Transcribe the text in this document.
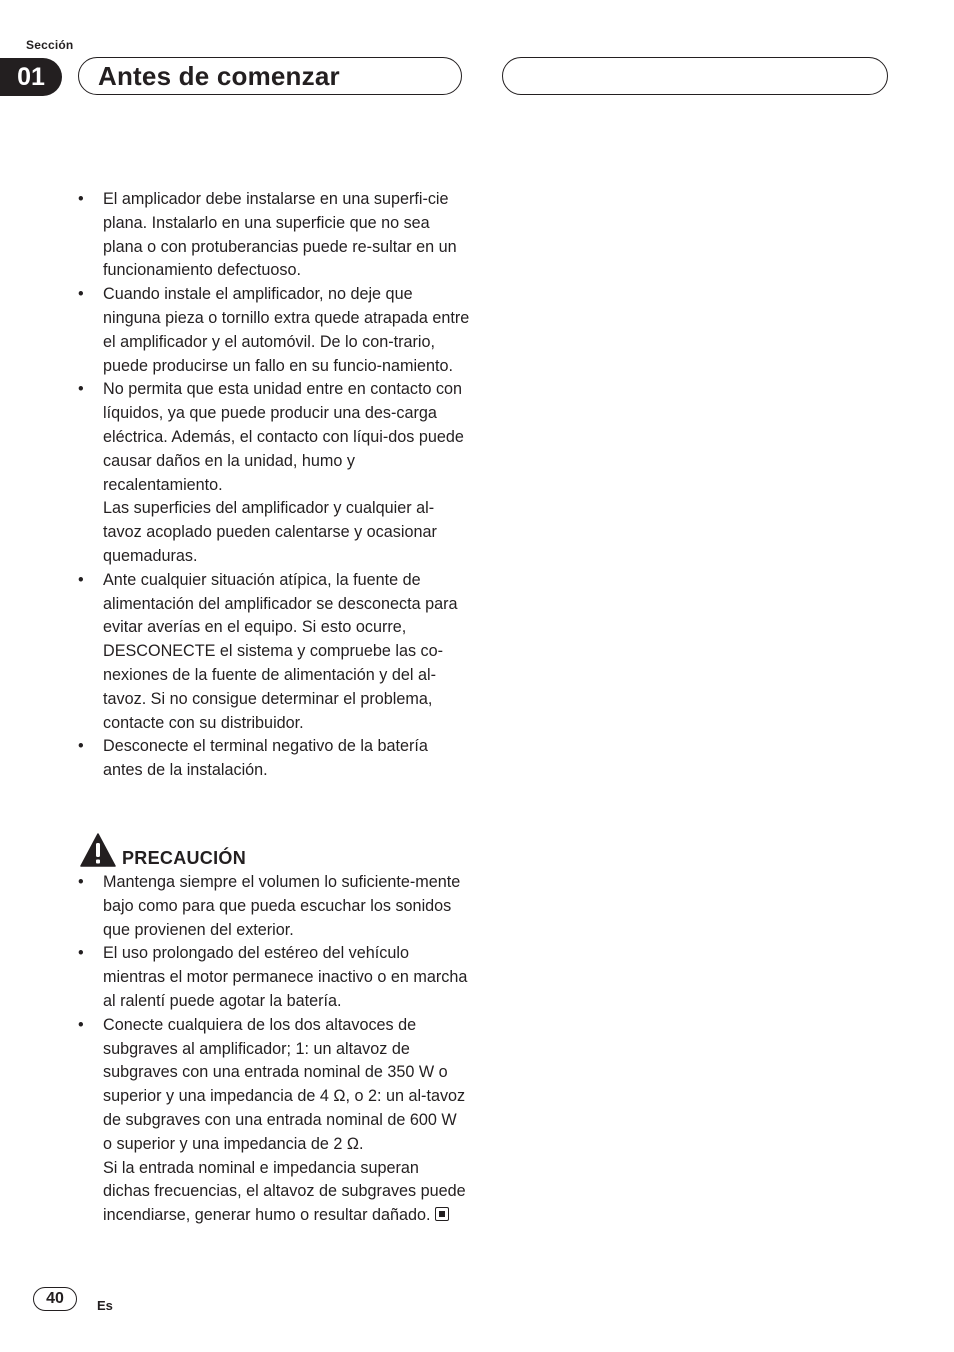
Sección
01	Antes de comenzar
• El amplicador debe instalarse en una superfi-cie plana. Instalarlo en una superficie que no sea plana o con protuberancias puede re-sultar en un funcionamiento defectuoso.
• Cuando instale el amplificador, no deje que ninguna pieza o tornillo extra quede atrapada entre el amplificador y el automóvil. De lo con-trario, puede producirse un fallo en su funcio-namiento.
• No permita que esta unidad entre en contacto con líquidos, ya que puede producir una des-carga eléctrica. Además, el contacto con líqui-dos puede causar daños en la unidad, humo y recalentamiento.
Las superficies del amplificador y cualquier al-tavoz acoplado pueden calentarse y ocasionar quemaduras.
• Ante cualquier situación atípica, la fuente de alimentación del amplificador se desconecta para evitar averías en el equipo. Si esto ocurre, DESCONECTE el sistema y compruebe las co-nexiones de la fuente de alimentación y del al-tavoz. Si no consigue determinar el problema, contacte con su distribuidor.
• Desconecte el terminal negativo de la batería antes de la instalación.
PRECAUCIÓN
• Mantenga siempre el volumen lo suficiente-mente bajo como para que pueda escuchar los sonidos que provienen del exterior.
• El uso prolongado del estéreo del vehículo mientras el motor permanece inactivo o en marcha al ralentí puede agotar la batería.
• Conecte cualquiera de los dos altavoces de subgraves al amplificador; 1: un altavoz de subgraves con una entrada nominal de 350 W o superior y una impedancia de 4 Ω, o 2: un al-tavoz de subgraves con una entrada nominal de 600 W o superior y una impedancia de 2 Ω.
Si la entrada nominal e impedancia superan dichas frecuencias, el altavoz de subgraves puede incendiarse, generar humo o resultar dañado.
40	Es
